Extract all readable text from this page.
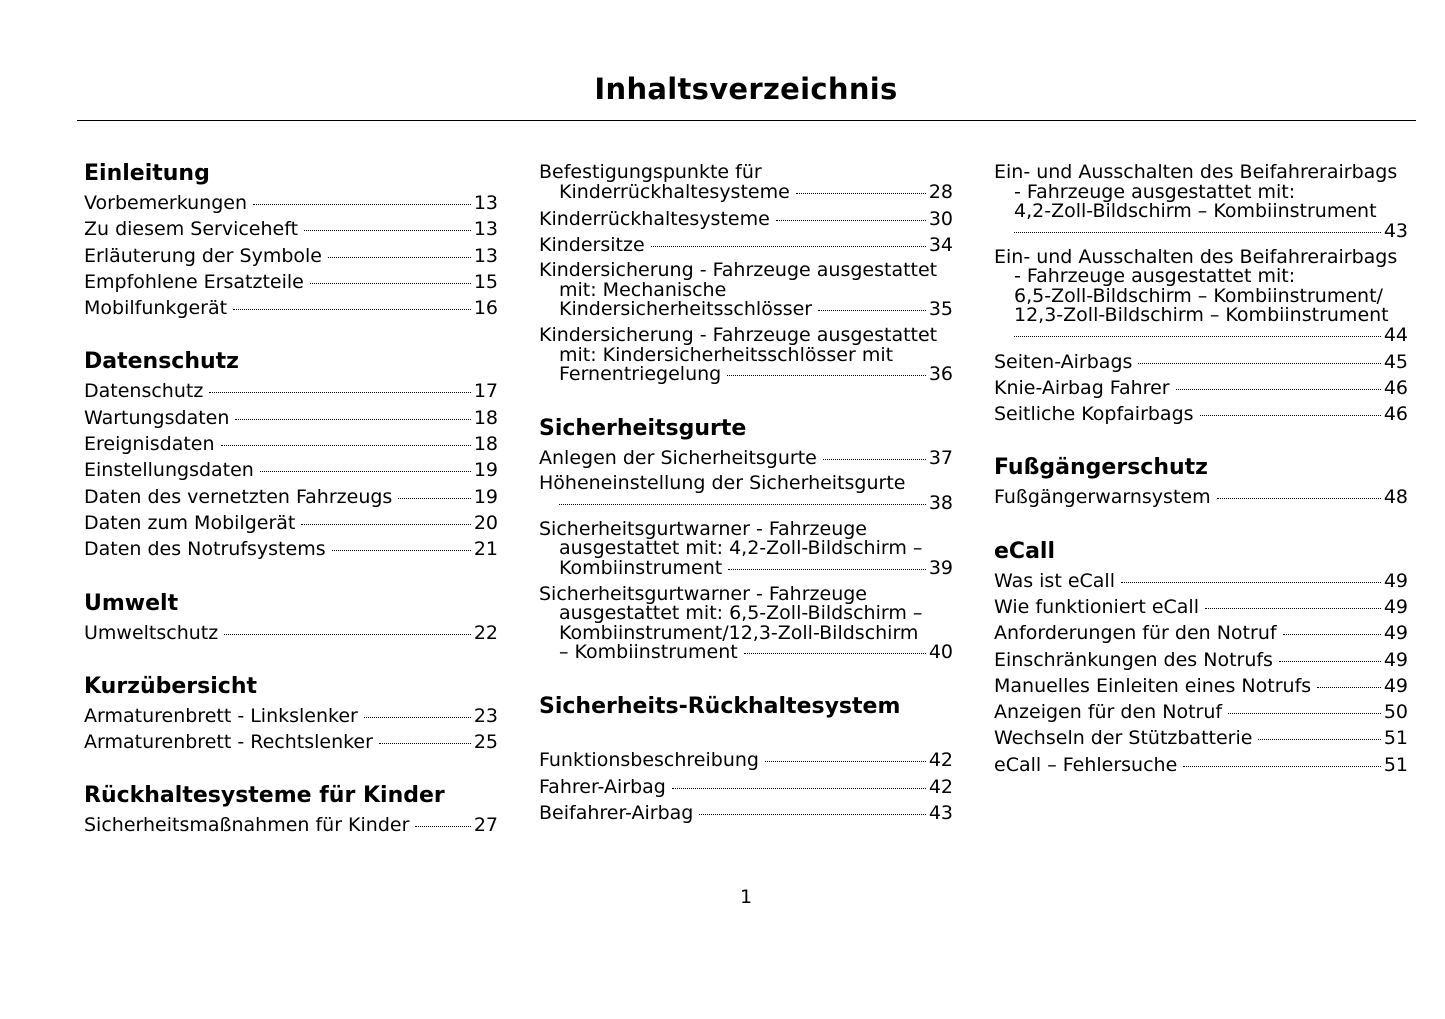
Inhaltsverzeichnis
Einleitung
Vorbemerkungen	13
Zu diesem Serviceheft	13
Erläuterung der Symbole	13
Empfohlene Ersatzteile	15
Mobilfunkgerät	16
Datenschutz
Datenschutz	17
Wartungsdaten	18
Ereignisdaten	18
Einstellungsdaten	19
Daten des vernetzten Fahrzeugs	19
Daten zum Mobilgerät	20
Daten des Notrufsystems	21
Umwelt
Umweltschutz	22
Kurzübersicht
Armaturenbrett - Linkslenker	23
Armaturenbrett - Rechtslenker	25
Rückhaltesysteme für Kinder
Sicherheitsmaßnahmen für Kinder	27
Befestigungspunkte für
Kinderrückhaltesysteme	28
Kinderrückhaltesysteme	30
Kindersitze	34
Kindersicherung - Fahrzeuge ausgestattet
mit: Mechanische
Kindersicherheitsschlösser	35
Kindersicherung - Fahrzeuge ausgestattet
mit: Kindersicherheitsschlösser mit
Fernentriegelung	36
Sicherheitsgurte
Anlegen der Sicherheitsgurte	37
Höheneinstellung der Sicherheitsgurte
38
Sicherheitsgurtwarner - Fahrzeuge
ausgestattet mit: 4,2-Zoll-Bildschirm –
Kombiinstrument	39
Sicherheitsgurtwarner - Fahrzeuge
ausgestattet mit: 6,5-Zoll-Bildschirm –
Kombiinstrument/12,3-Zoll-Bildschirm
– Kombiinstrument	40
Sicherheits-Rückhaltesystem
Funktionsbeschreibung	42
Fahrer-Airbag	42
Beifahrer-Airbag	43
Ein- und Ausschalten des Beifahrerairbags
- Fahrzeuge ausgestattet mit:
4,2-Zoll-Bildschirm – Kombiinstrument
43
Ein- und Ausschalten des Beifahrerairbags
- Fahrzeuge ausgestattet mit:
6,5-Zoll-Bildschirm – Kombiinstrument/
12,3-Zoll-Bildschirm – Kombiinstrument
44
Seiten-Airbags	45
Knie-Airbag Fahrer	46
Seitliche Kopfairbags	46
Fußgängerschutz
Fußgängerwarnsystem	48
eCall
Was ist eCall	49
Wie funktioniert eCall	49
Anforderungen für den Notruf	49
Einschränkungen des Notrufs	49
Manuelles Einleiten eines Notrufs	49
Anzeigen für den Notruf	50
Wechseln der Stützbatterie	51
eCall – Fehlersuche	51
1
